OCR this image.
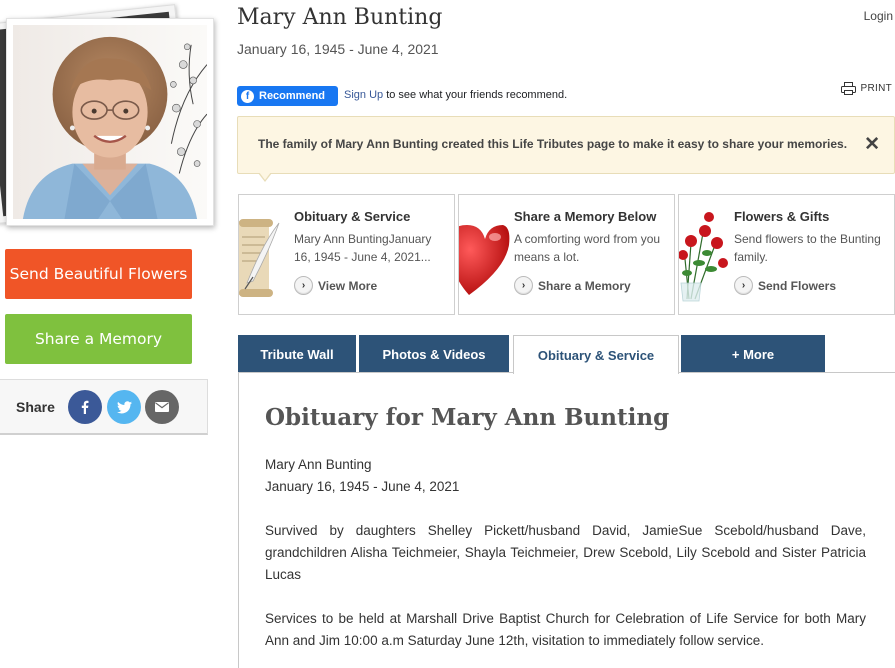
Send Beautiful Flowers
Share a Memory
Share
Mary Ann Bunting
January 16, 1945 - June 4, 2021
Login
f Recommend Sign Up to see what your friends recommend.
PRINT
The family of Mary Ann Bunting created this Life Tributes page to make it easy to share your memories. ✕
Obituary & Service
Mary Ann BuntingJanuary 16, 1945 - June 4, 2021...
›	View More
Share a Memory Below
A comforting word from you means a lot.
›	Share a Memory
Flowers & Gifts
Send flowers to the Bunting family.
›	Send Flowers
Tribute Wall	Photos & Videos	Obituary & Service	+ More
Obituary for Mary Ann Bunting

Mary Ann Bunting

January 16, 1945 - June 4, 2021

Survived by daughters Shelley Pickett/husband David, JamieSue Scebold/husband Dave, grandchildren Alisha Teichmeier, Shayla Teichmeier, Drew Scebold, Lily Scebold and Sister Patricia Lucas

Services to be held at Marshall Drive Baptist Church for Celebration of Life Service for both Mary Ann and Jim 10:00 a.m Saturday June 12th, visitation to immediately follow service.
